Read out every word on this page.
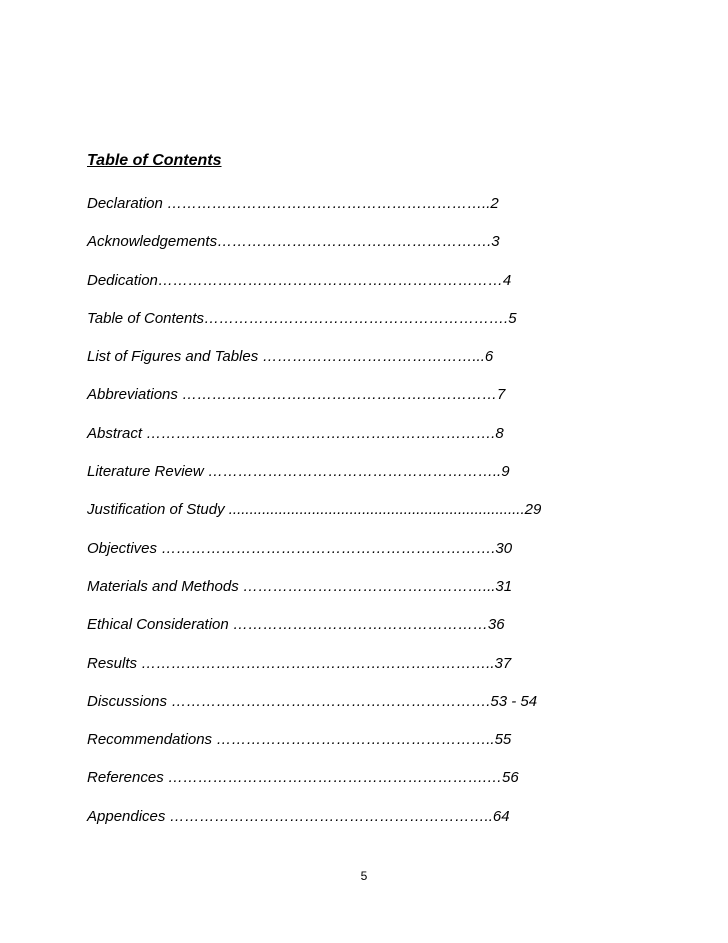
Table of Contents
Declaration ………………………………………………………..2
Acknowledgements……………………………………………….3
Dedication……………………………………………………………4
Table of Contents…………………………………………………….5
List of Figures and Tables ……………………………………...6
Abbreviations ………………………………………………………7
Abstract …………………………………………………………….8
Literature Review …………………………………………………..9
Justification of Study .......................................................................29
Objectives ………………………………………………………….30
Materials and Methods …………………………………………...31
Ethical Consideration ……………………………………………36
Results ……………………………………………………………..37
Discussions ……………………………………………………….53 - 54
Recommendations ………………………………………………..55
References ……………………………………………………….…56
Appendices ………………………………………………………..64
5
